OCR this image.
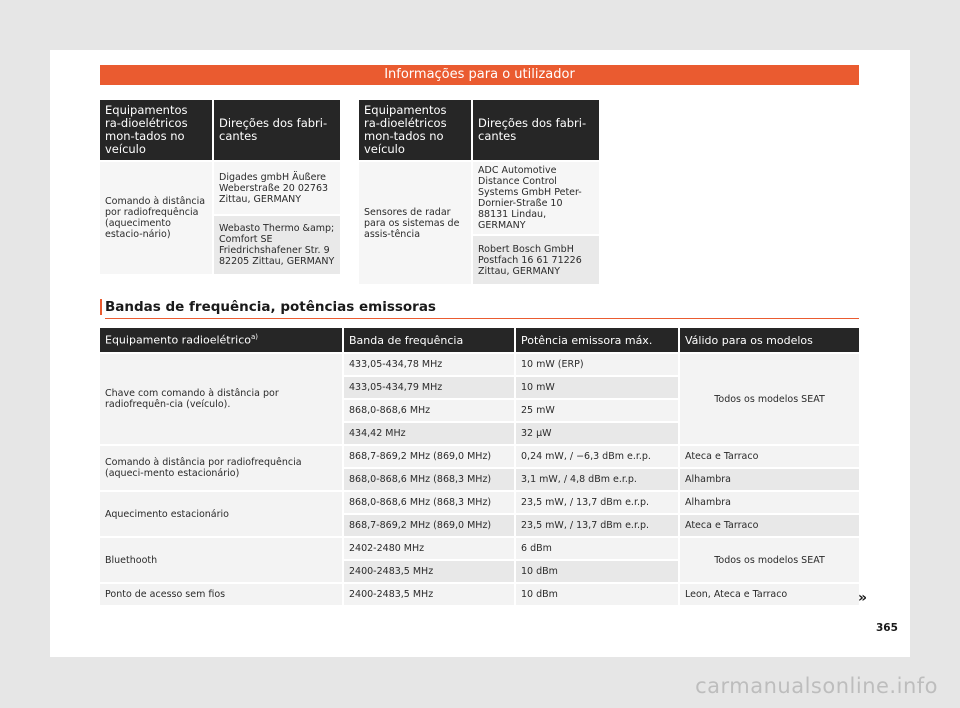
Informações para o utilizador
Equipamentos ra-dioelétricos mon-tados no veículo	Direções dos fabri-cantes
Comando à distância por radiofrequência (aquecimento estacio-nário)	Digades gmbH Äußere Weberstraße 20 02763 Zittau, GERMANY
	Webasto Thermo &amp; Comfort SE Friedrichshafener Str. 9 82205 Zittau, GERMANY
Equipamentos ra-dioelétricos mon-tados no veículo	Direções dos fabri-cantes
Sensores de radar para os sistemas de assis-tência	ADC Automotive Distance Control Systems GmbH Peter-Dornier-Straße 10 88131 Lindau, GERMANY
	Robert Bosch GmbH Postfach 16 61 71226 Zittau, GERMANY
Bandas de frequência, potências emissoras
Equipamento radioelétrico$^{a)}$	Banda de frequência	Potência emissora máx.	Válido para os modelos
Chave com comando à distância por radiofrequên-cia (veículo).	433,05-434,78 MHz	10 mW (ERP)	Todos os modelos SEAT
	433,05-434,79 MHz	10 mW	
	868,0-868,6 MHz	25 mW	
	434,42 MHz	32 μW	
Comando à distância por radiofrequência (aqueci-mento estacionário)	868,7-869,2 MHz (869,0 MHz)	0,24 mW, / −6,3 dBm e.r.p.	Ateca e Tarraco
	868,0-868,6 MHz (868,3 MHz)	3,1 mW, / 4,8 dBm e.r.p.	Alhambra
Aquecimento estacionário	868,0-868,6 MHz (868,3 MHz)	23,5 mW, / 13,7 dBm e.r.p.	Alhambra
	868,7-869,2 MHz (869,0 MHz)	23,5 mW, / 13,7 dBm e.r.p.	Ateca e Tarraco
Bluethooth	2402-2480 MHz	6 dBm	Todos os modelos SEAT
	2400-2483,5 MHz	10 dBm	
Ponto de acesso sem fios	2400-2483,5 MHz	10 dBm	Leon, Ateca e Tarraco	»
365
carmanualsonline.info
